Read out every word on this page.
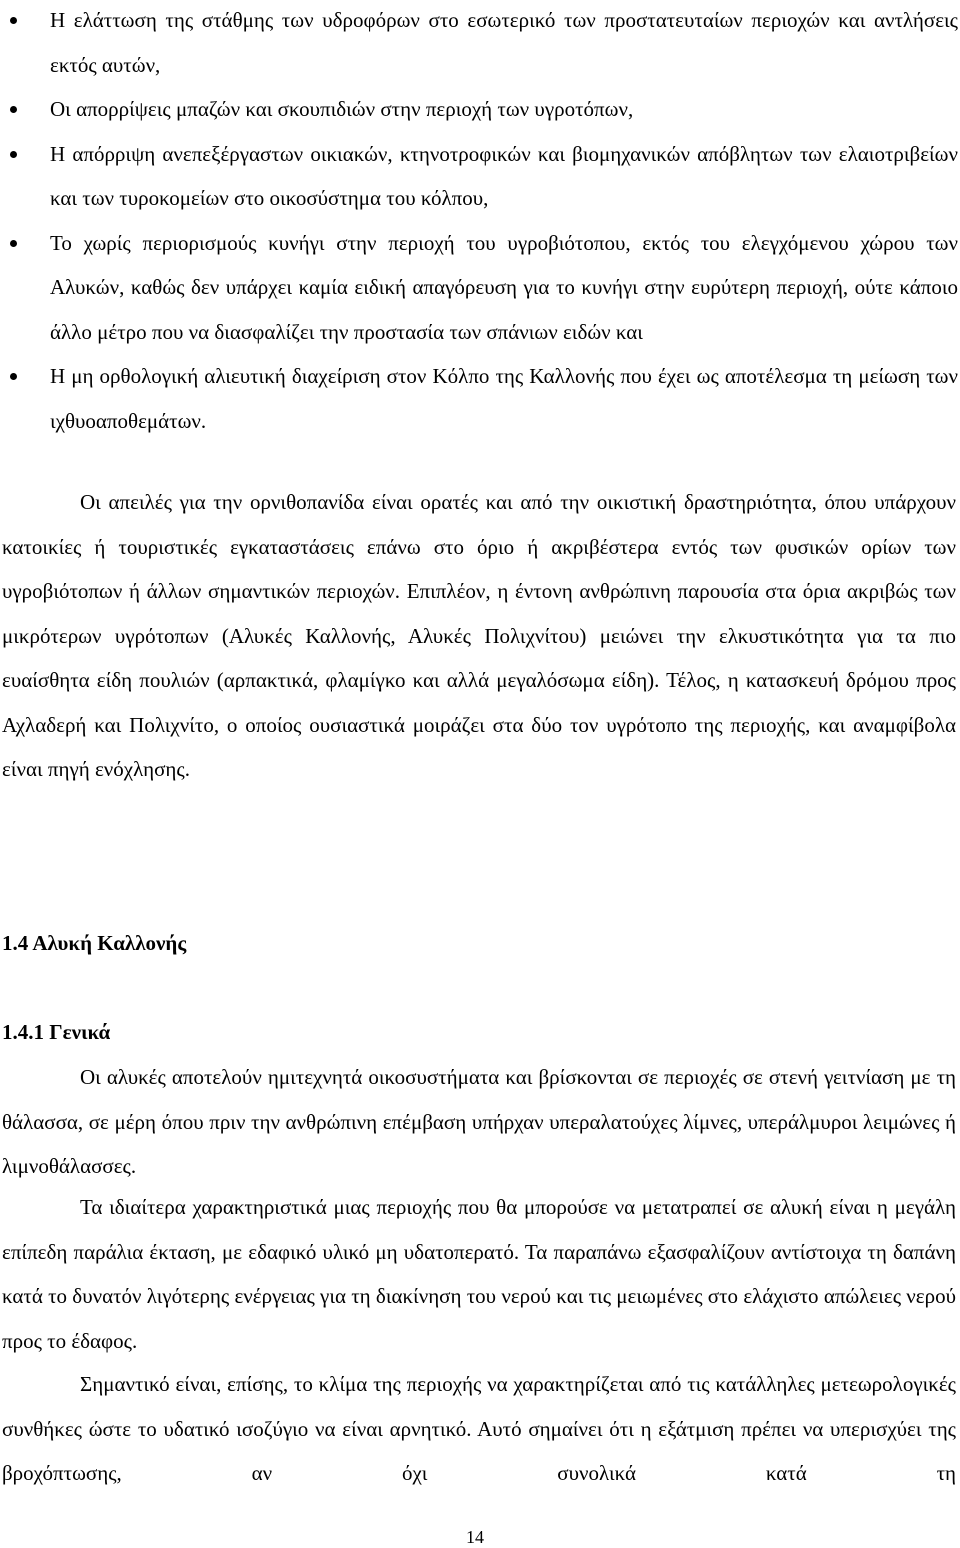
Η ελάττωση της στάθμης των υδροφόρων στο εσωτερικό των προστατευταίων περιοχών και αντλήσεις εκτός αυτών,
Οι απορρίψεις μπαζών και σκουπιδιών στην περιοχή των υγροτόπων,
Η απόρριψη ανεπεξέργαστων οικιακών, κτηνοτροφικών και βιομηχανικών απόβλητων των ελαιοτριβείων και των τυροκομείων στο οικοσύστημα του κόλπου,
Το χωρίς περιορισμούς κυνήγι στην περιοχή του υγροβιότοπου, εκτός του ελεγχόμενου χώρου των Αλυκών, καθώς δεν υπάρχει καμία ειδική απαγόρευση για το κυνήγι στην ευρύτερη περιοχή, ούτε κάποιο άλλο μέτρο που να διασφαλίζει την προστασία των σπάνιων ειδών και
Η μη ορθολογική αλιευτική διαχείριση στον Κόλπο της Καλλονής που έχει ως αποτέλεσμα τη μείωση των ιχθυοαποθεμάτων.

Οι απειλές για την ορνιθοπανίδα είναι ορατές και από την οικιστική δραστηριότητα, όπου υπάρχουν κατοικίες ή τουριστικές εγκαταστάσεις επάνω στο όριο ή ακριβέστερα εντός των φυσικών ορίων των υγροβιότοπων ή άλλων σημαντικών περιοχών. Επιπλέον, η έντονη ανθρώπινη παρουσία στα όρια ακριβώς των μικρότερων υγρότοπων (Αλυκές Καλλονής, Αλυκές Πολιχνίτου) μειώνει την ελκυστικότητα για τα πιο ευαίσθητα είδη πουλιών (αρπακτικά, φλαμίγκο και αλλά μεγαλόσωμα είδη). Τέλος, η κατασκευή δρόμου προς Αχλαδερή και Πολιχνίτο, ο οποίος ουσιαστικά μοιράζει στα δύο τον υγρότοπο της περιοχής, και αναμφίβολα είναι πηγή ενόχλησης.

1.4 Αλυκή Καλλονής
1.4.1 Γενικά

Οι αλυκές αποτελούν ημιτεχνητά οικοσυστήματα και βρίσκονται σε περιοχές σε στενή γειτνίαση με τη θάλασσα, σε μέρη όπου πριν την ανθρώπινη επέμβαση υπήρχαν υπεραλατούχες λίμνες, υπεράλμυροι λειμώνες ή λιμνοθάλασσες.

Τα ιδιαίτερα χαρακτηριστικά μιας περιοχής που θα μπορούσε να μετατραπεί σε αλυκή είναι η μεγάλη επίπεδη παράλια έκταση, με εδαφικό υλικό μη υδατοπερατό. Τα παραπάνω εξασφαλίζουν αντίστοιχα τη δαπάνη κατά το δυνατόν λιγότερης ενέργειας για τη διακίνηση του νερού και τις μειωμένες στο ελάχιστο απώλειες νερού προς το έδαφος.

Σημαντικό είναι, επίσης, το κλίμα της περιοχής να χαρακτηρίζεται από τις κατάλληλες μετεωρολογικές συνθήκες ώστε το υδατικό ισοζύγιο να είναι αρνητικό. Αυτό σημαίνει ότι η εξάτμιση πρέπει να υπερισχύει της βροχόπτωσης, αν όχι συνολικά κατά τη

14
